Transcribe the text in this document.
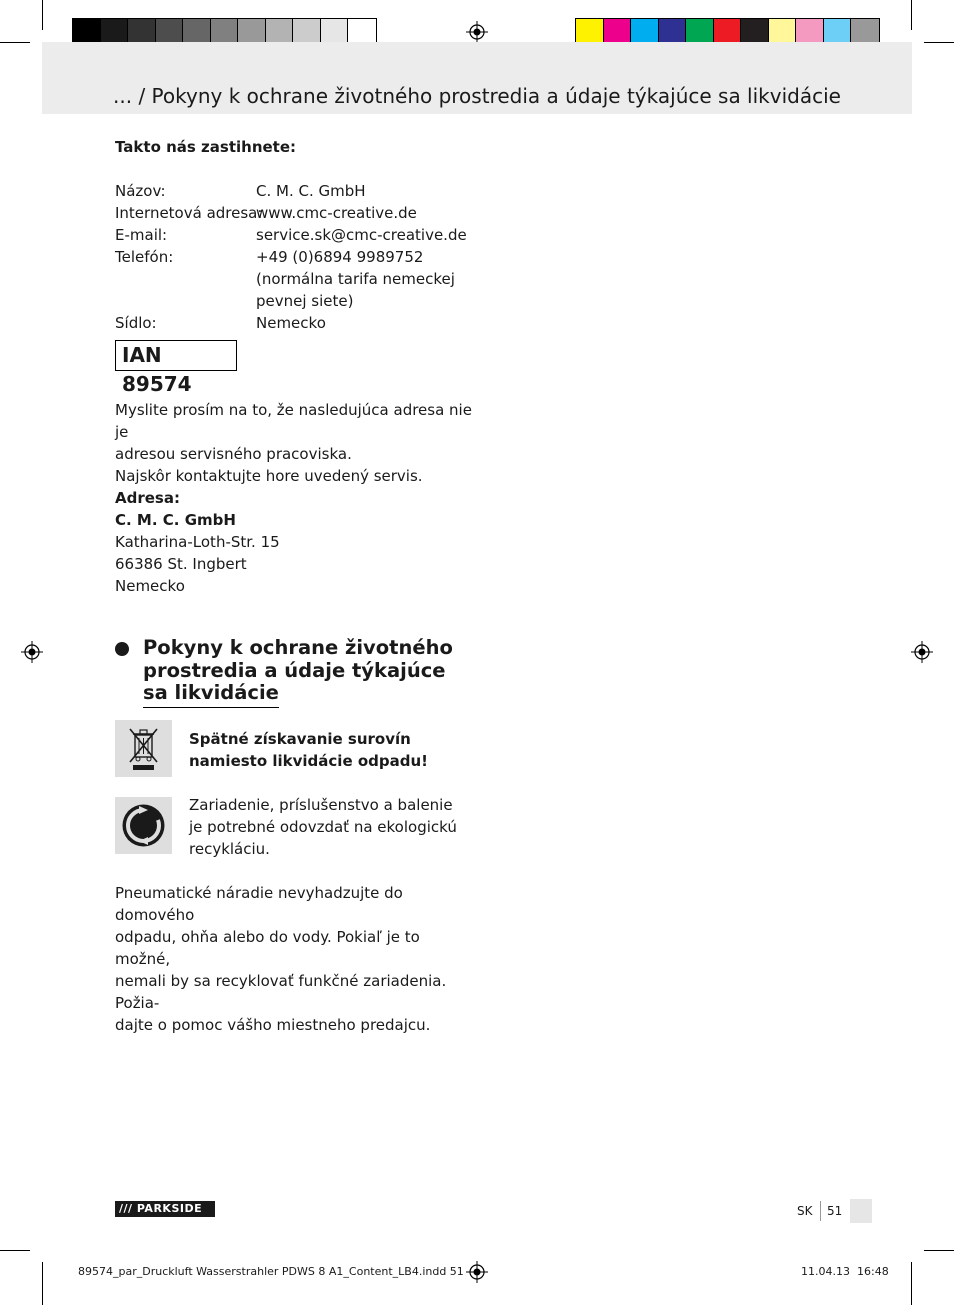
... / Pokyny k ochrane životného prostredia a údaje týkajúce sa likvidácie
Takto nás zastihnete:
Názov:	C. M. C. GmbH
Internetová adresa:
www.cmc-creative.de
E-mail:	service.sk@cmc-creative.de
Telefón:	+49 (0)6894 9989752 (normálna tarifa nemeckej pevnej siete)
Sídlo:	Nemecko
IAN 89574
Myslite prosím na to, že nasledujúca adresa nie je
adresou servisného pracoviska.
Najskôr kontaktujte hore uvedený servis.
Adresa:
C. M. C. GmbH
Katharina-Loth-Str. 15
66386 St. Ingbert
Nemecko
Pokyny k ochrane životného
prostredia a údaje týkajúce
sa likvidácie
Spätné získavanie surovín
namiesto likvidácie odpadu!
Zariadenie, príslušenstvo a balenie
je potrebné odovzdať na ekologickú
recykláciu.
Pneumatické náradie nevyhadzujte do domového
odpadu, ohňa alebo do vody. Pokiaľ je to možné,
nemali by sa recyklovať funkčné zariadenia. Požia-
dajte o pomoc vášho miestneho predajcu.
/// PARKSIDE	SK 51
89574_par_Druckluft Wasserstrahler PDWS 8 A1_Content_LB4.indd 51	11.04.13 16:48
